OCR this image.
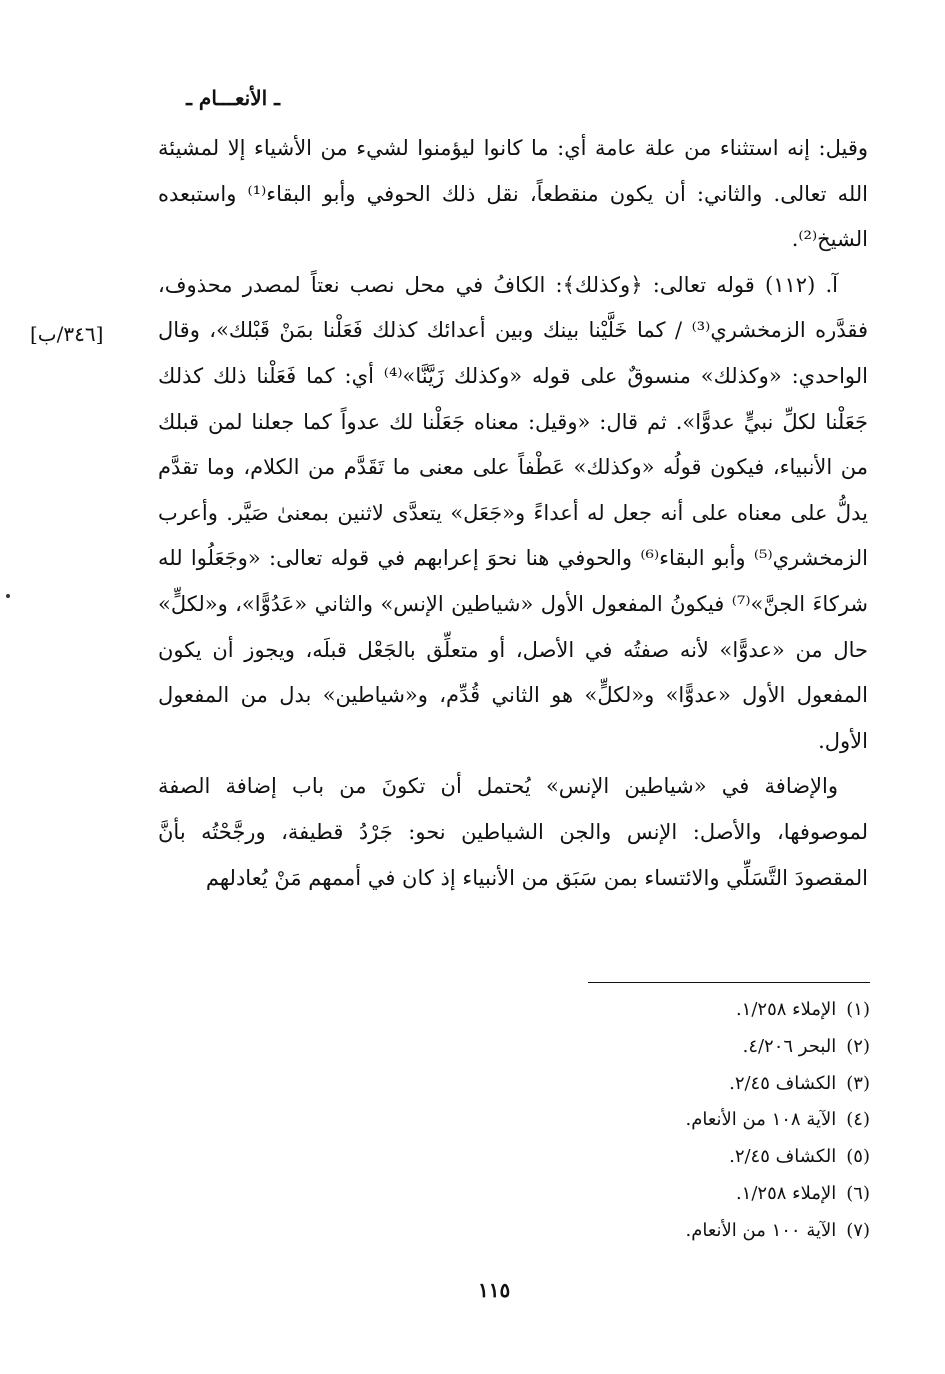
ـ الأنعـــام ـ
[٣٤٦/ب]

وقيل: إنه استثناء من علة عامة أي: ما كانوا ليؤمنوا لشيء من الأشياء إلا لمشيئة الله تعالى. والثاني: أن يكون منقطعاً، نقل ذلك الحوفي وأبو البقاء⁽¹⁾ واستبعده الشيخ⁽²⁾.

آ. (١١٢) قوله تعالى: ﴿وكذلك﴾: الكافُ في محل نصب نعتاً لمصدر محذوف، فقدَّره الزمخشري⁽³⁾ / كما خَلَّيْنا بينك وبين أعدائك كذلك فَعَلْنا بمَنْ قَبْلك»، وقال الواحدي: «وكذلك» منسوقٌ على قوله «وكذلك زَيَّنَّا»⁽⁴⁾ أي: كما فَعَلْنا ذلك كذلك جَعَلْنا لكلِّ نبيٍّ عدوًّا». ثم قال: «وقيل: معناه جَعَلْنا لك عدواً كما جعلنا لمن قبلك من الأنبياء، فيكون قولُه «وكذلك» عَطْفاً على معنى ما تَقَدَّم من الكلام، وما تقدَّم يدلُّ على معناه على أنه جعل له أعداءً و«جَعَل» يتعدَّى لاثنين بمعنىٰ صَيَّر. وأعرب الزمخشري⁽⁵⁾ وأبو البقاء⁽⁶⁾ والحوفي هنا نحوَ إعرابهم في قوله تعالى: «وجَعَلُوا لله شركاءَ الجنَّ»⁽⁷⁾ فيكونُ المفعول الأول «شياطين الإنس» والثاني «عَدُوًّا»، و«لكلٍّ» حال من «عدوًّا» لأنه صفتُه في الأصل، أو متعلِّق بالجَعْل قبلَه، ويجوز أن يكون المفعول الأول «عدوًّا» و«لكلٍّ» هو الثاني قُدِّم، و«شياطين» بدل من المفعول الأول.

والإضافة في «شياطين الإنس» يُحتمل أن تكونَ من باب إضافة الصفة لموصوفها، والأصل: الإنس والجن الشياطين نحو: جَرْدُ قطيفة، ورجَّحْتُه بأنَّ المقصودَ التَّسَلِّي والائتساء بمن سَبَق من الأنبياء إذ كان في أممهم مَنْ يُعادلهم

(١)الإملاء ١/٢٥٨.
(٢)البحر ٤/٢٠٦.
(٣)الكشاف ٢/٤٥.
(٤)الآية ١٠٨ من الأنعام.
(٥)الكشاف ٢/٤٥.
(٦)الإملاء ١/٢٥٨.
(٧)الآية ١٠٠ من الأنعام.
١١٥
